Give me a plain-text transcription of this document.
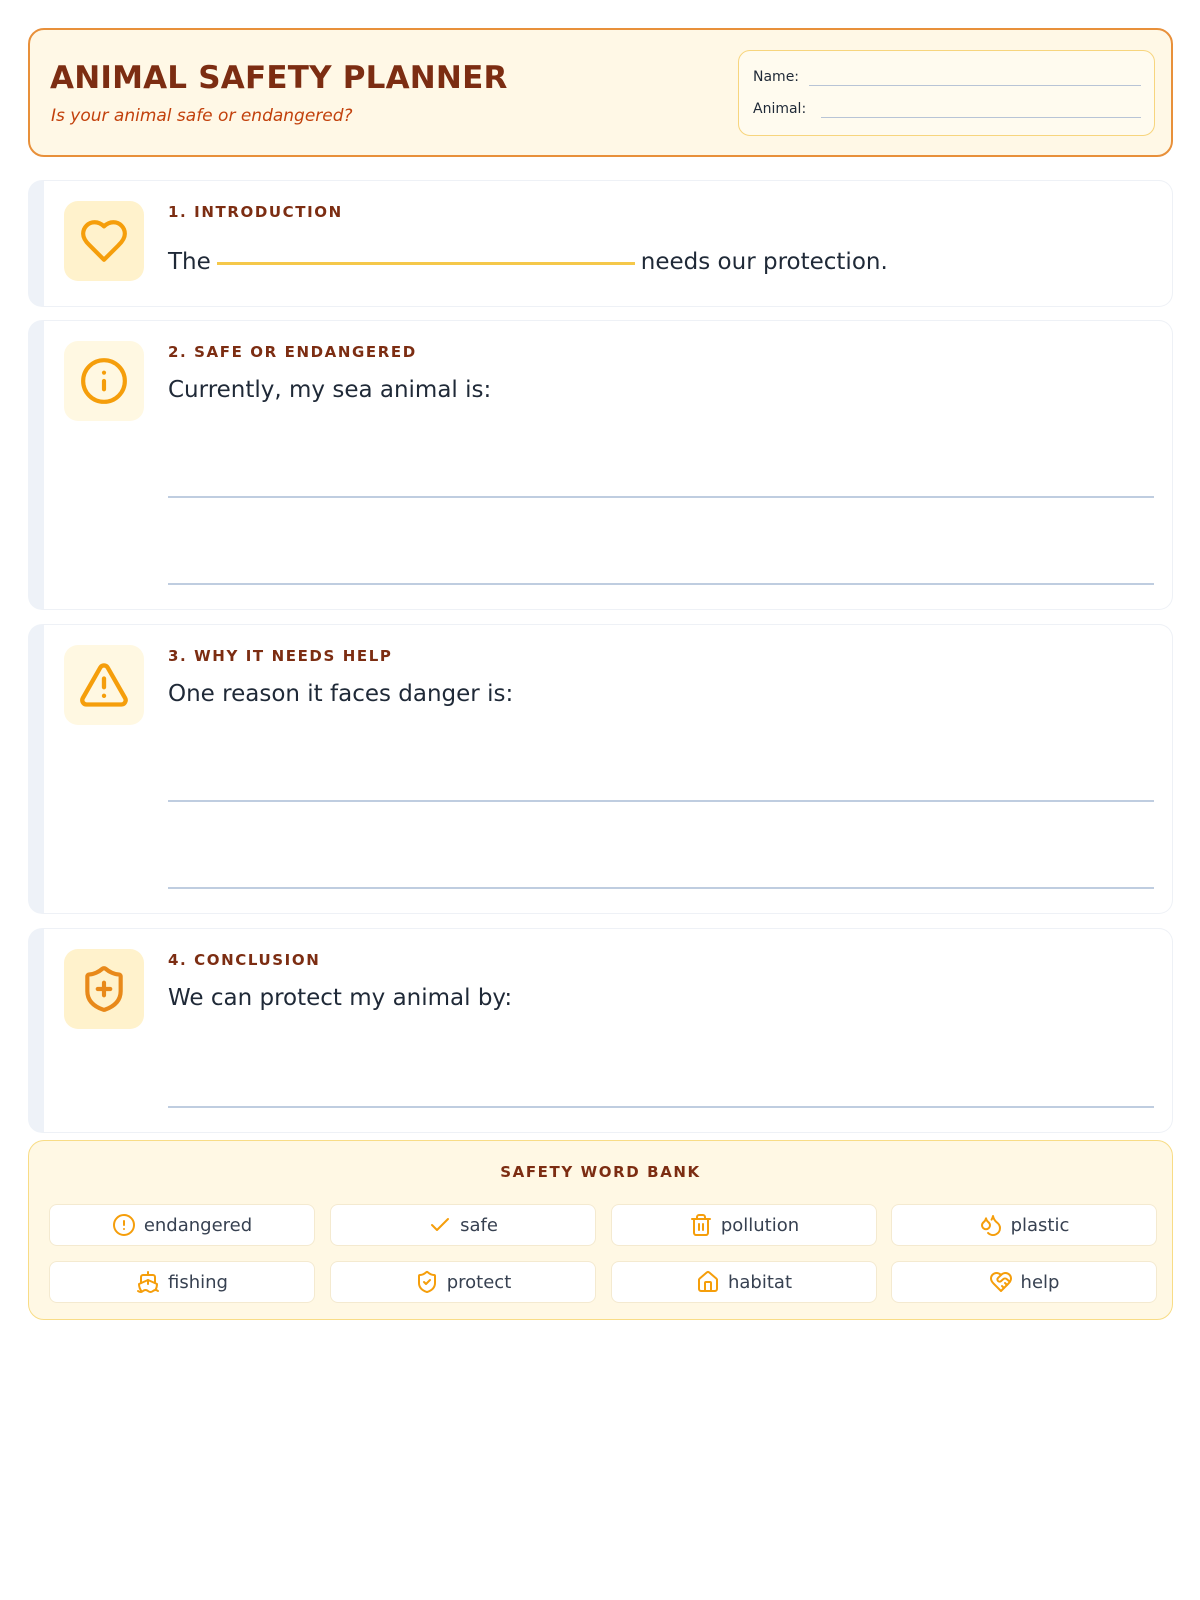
ANIMAL SAFETY PLANNER
Is your animal safe or endangered?
Name:
Animal:
1. INTRODUCTION
The	needs our protection.
2. SAFE OR ENDANGERED
Currently, my sea animal is:
3. WHY IT NEEDS HELP
One reason it faces danger is:
4. CONCLUSION
We can protect my animal by:
SAFETY WORD BANK
endangered	safe	pollution	plastic
fishing	protect	habitat	help
